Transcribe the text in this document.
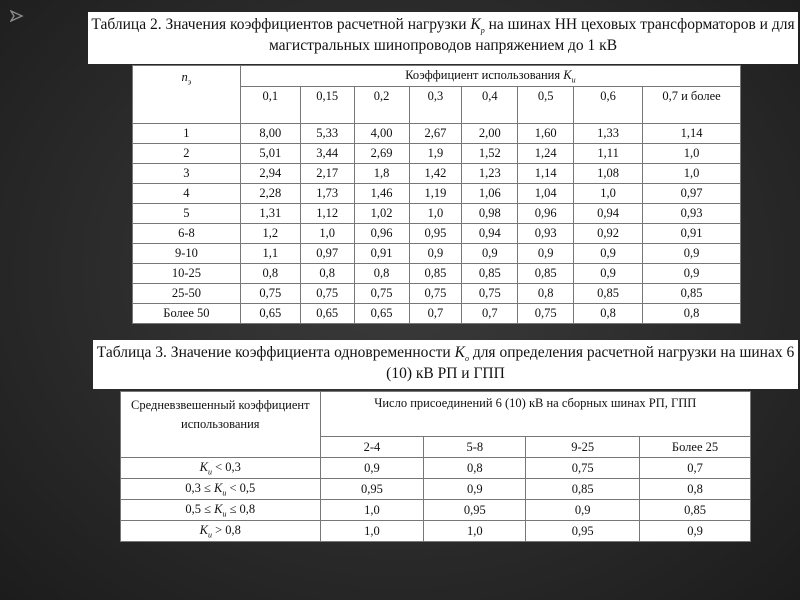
Таблица 2. Значения коэффициентов расчетной нагрузки $K_р$ на шинах НН цеховых трансформаторов и для магистральных шинопроводов напряжением до 1 кВ
$n_э$	Коэффициент использования $К_и$
	0,1	0,15	0,2	0,3	0,4	0,5	0,6	0,7 и более
1	8,00	5,33	4,00	2,67	2,00	1,60	1,33	1,14
2	5,01	3,44	2,69	1,9	1,52	1,24	1,11	1,0
3	2,94	2,17	1,8	1,42	1,23	1,14	1,08	1,0
4	2,28	1,73	1,46	1,19	1,06	1,04	1,0	0,97
5	1,31	1,12	1,02	1,0	0,98	0,96	0,94	0,93
6-8	1,2	1,0	0,96	0,95	0,94	0,93	0,92	0,91
9-10	1,1	0,97	0,91	0,9	0,9	0,9	0,9	0,9
10-25	0,8	0,8	0,8	0,85	0,85	0,85	0,9	0,9
25-50	0,75	0,75	0,75	0,75	0,75	0,8	0,85	0,85
Более 50	0,65	0,65	0,65	0,7	0,7	0,75	0,8	0,8
Таблица 3. Значение коэффициента одновременности $K_о$ для определения расчетной нагрузки на шинах 6 (10) кВ РП и ГПП
Средневзвешенный коэффициент использования	Число присоединений 6 (10) кВ на сборных шинах РП, ГПП			
	2-4	5-8	9-25	Более 25
$К_и < 0,3$	0,9	0,8	0,75	0,7
$0,3 \le К_и < 0,5$	0,95	0,9	0,85	0,8
$0,5 \le К_и \le 0,8$	1,0	0,95	0,9	0,85
$К_и > 0,8$	1,0	1,0	0,95	0,9
